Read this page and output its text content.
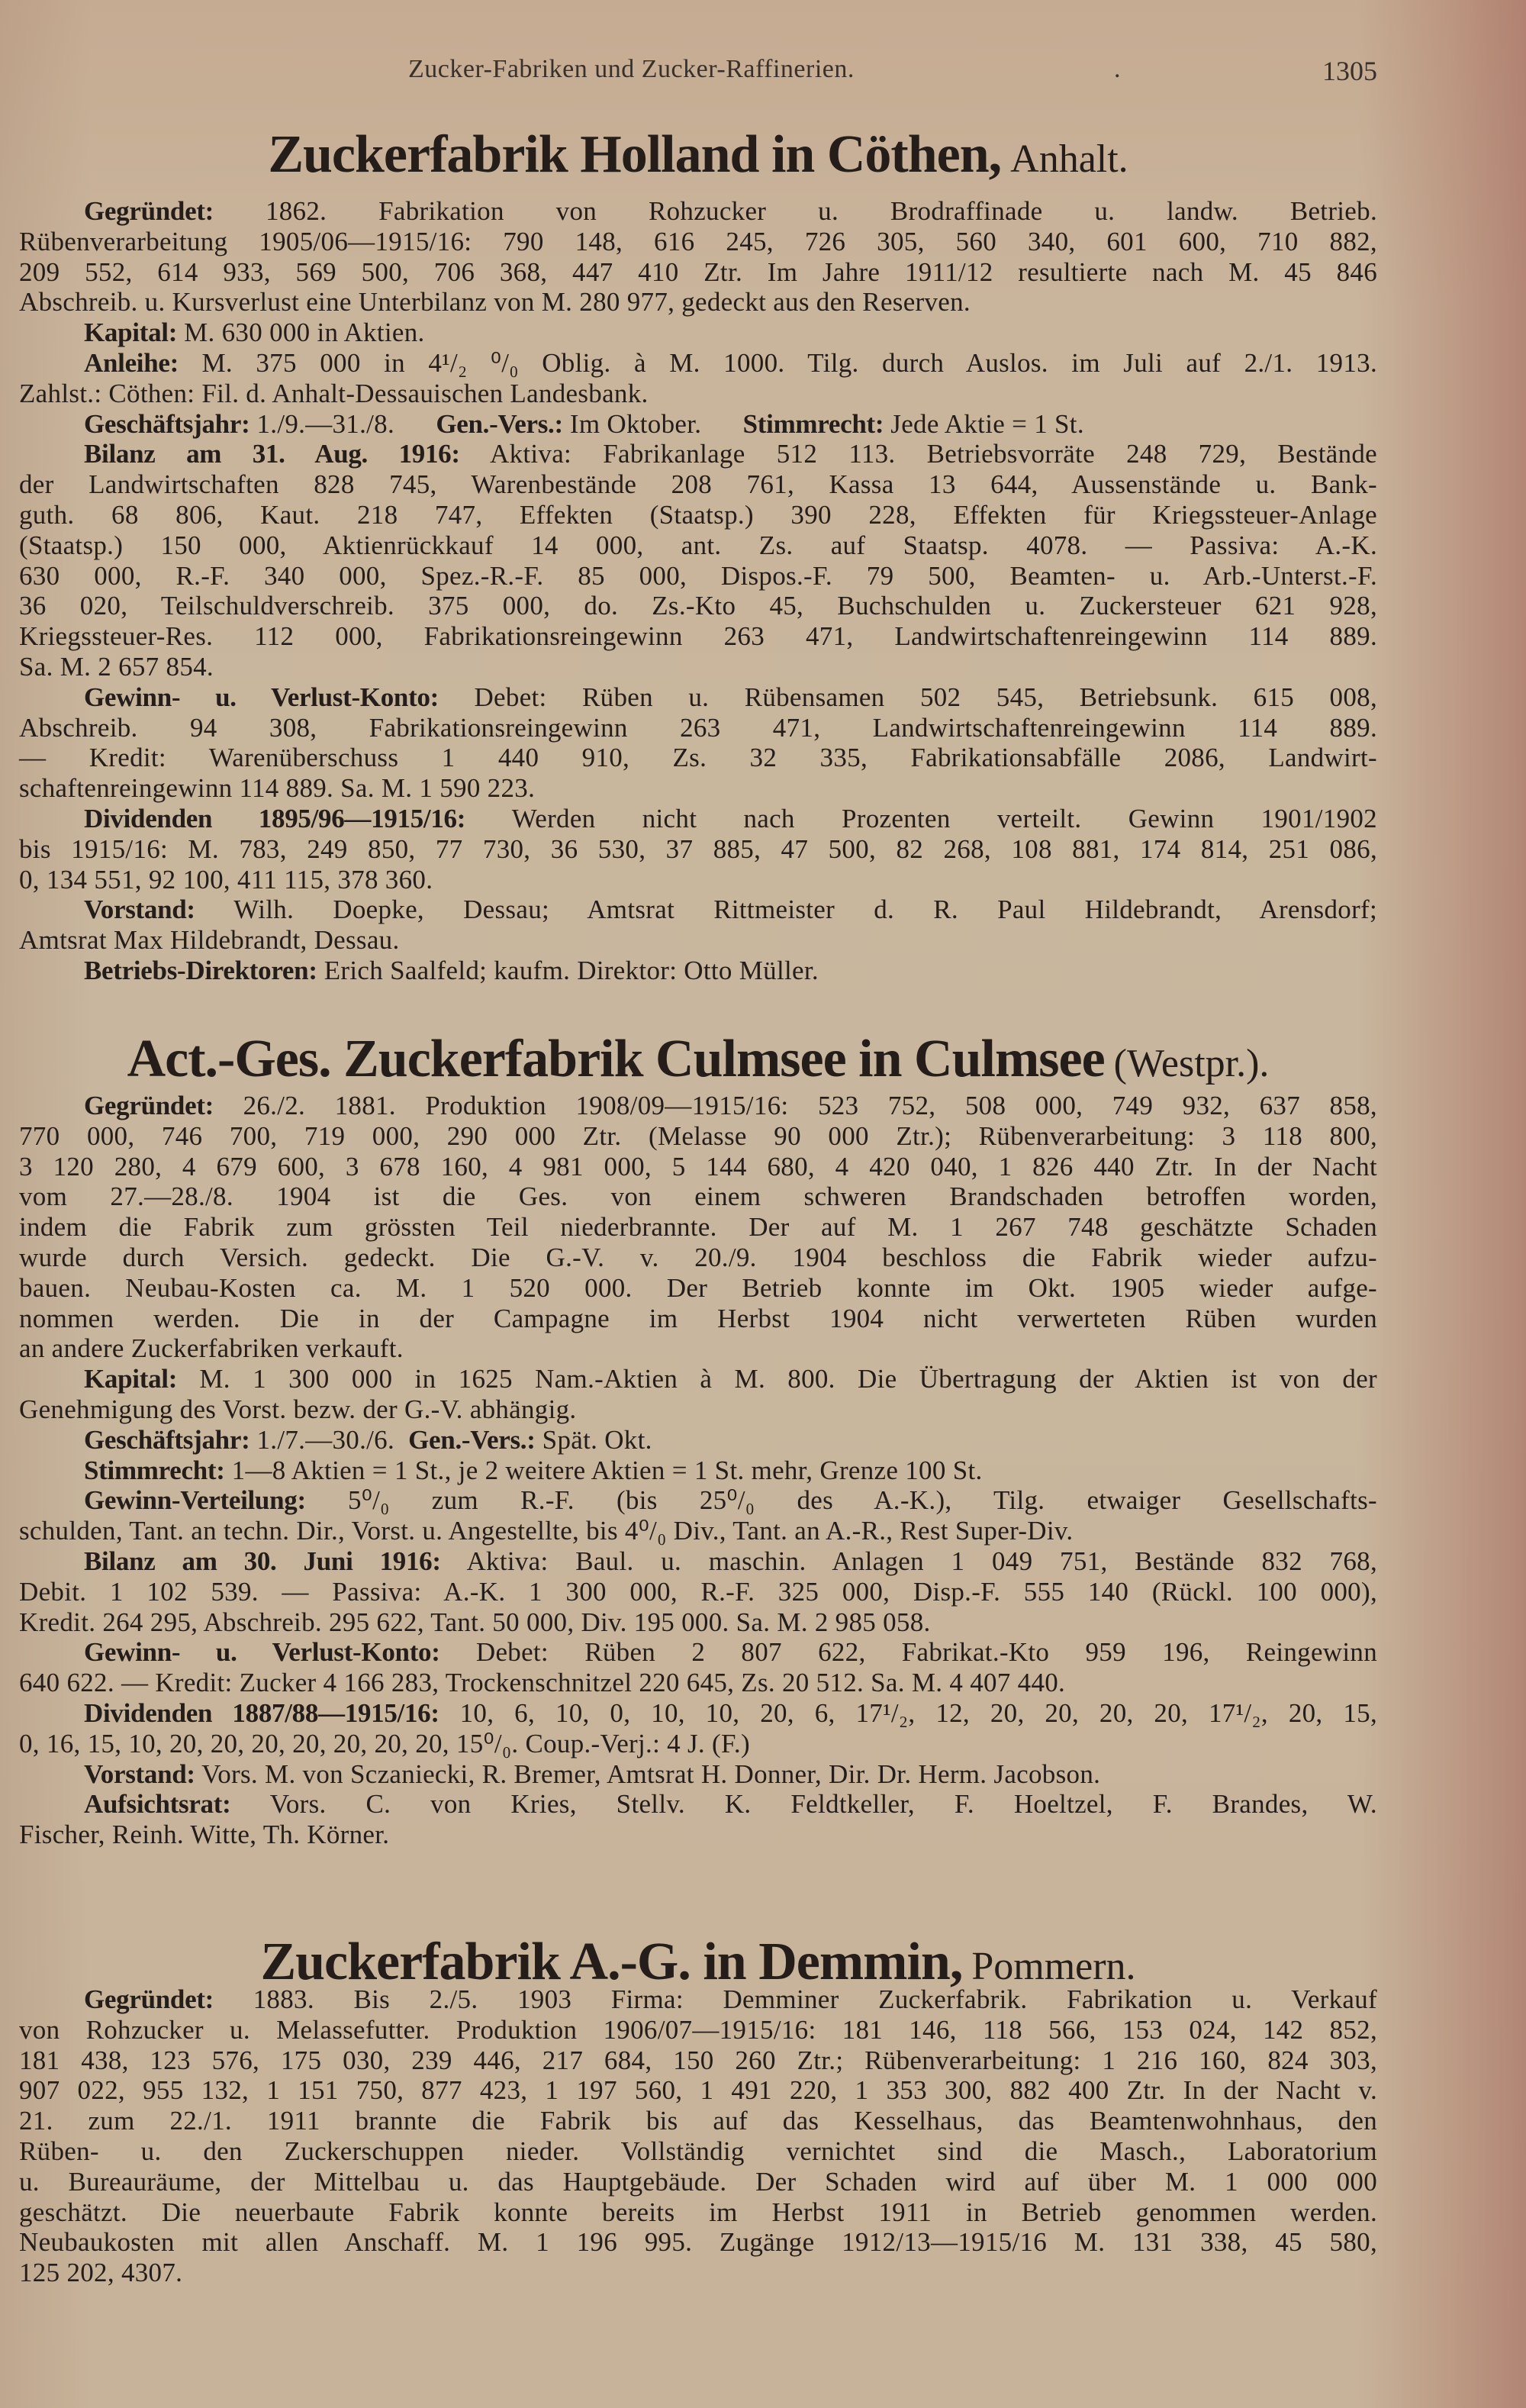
Zucker-Fabriken und Zucker-Raffinerien.	.	1305
Zuckerfabrik Holland in Cöthen, Anhalt.
Gegründet: 1862. Fabrikation von Rohzucker u. Brodraffinade u. landw. Betrieb.
Rübenverarbeitung 1905/06—1915/16: 790 148, 616 245, 726 305, 560 340, 601 600, 710 882,
209 552, 614 933, 569 500, 706 368, 447 410 Ztr. Im Jahre 1911/12 resultierte nach M. 45 846
Abschreib. u. Kursverlust eine Unterbilanz von M. 280 977, gedeckt aus den Reserven.
Kapital: M. 630 000 in Aktien.
Anleihe: M. 375 000 in 4¹/₂ ⁰/₀ Oblig. à M. 1000. Tilg. durch Auslos. im Juli auf 2./1. 1913.
Zahlst.: Cöthen: Fil. d. Anhalt-Dessauischen Landesbank.
Geschäftsjahr: 1./9.—31./8.      Gen.-Vers.: Im Oktober.      Stimmrecht: Jede Aktie = 1 St.
Bilanz am 31. Aug. 1916: Aktiva: Fabrikanlage 512 113. Betriebsvorräte 248 729, Bestände
der Landwirtschaften 828 745, Warenbestände 208 761, Kassa 13 644, Aussenstände u. Bank-
guth. 68 806, Kaut. 218 747, Effekten (Staatsp.) 390 228, Effekten für Kriegssteuer-Anlage
(Staatsp.) 150 000, Aktienrückkauf 14 000, ant. Zs. auf Staatsp. 4078. — Passiva: A.-K.
630 000, R.-F. 340 000, Spez.-R.-F. 85 000, Dispos.-F. 79 500, Beamten- u. Arb.-Unterst.-F.
36 020, Teilschuldverschreib. 375 000, do. Zs.-Kto 45, Buchschulden u. Zuckersteuer 621 928,
Kriegssteuer-Res. 112 000, Fabrikationsreingewinn 263 471, Landwirtschaftenreingewinn 114 889.
Sa. M. 2 657 854.
Gewinn- u. Verlust-Konto: Debet: Rüben u. Rübensamen 502 545, Betriebsunk. 615 008,
Abschreib. 94 308, Fabrikationsreingewinn 263 471, Landwirtschaftenreingewinn 114 889.
— Kredit: Warenüberschuss 1 440 910, Zs. 32 335, Fabrikationsabfälle 2086, Landwirt-
schaftenreingewinn 114 889. Sa. M. 1 590 223.
Dividenden 1895/96—1915/16: Werden nicht nach Prozenten verteilt. Gewinn 1901/1902
bis 1915/16: M. 783, 249 850, 77 730, 36 530, 37 885, 47 500, 82 268, 108 881, 174 814, 251 086,
0, 134 551, 92 100, 411 115, 378 360.
Vorstand: Wilh. Doepke, Dessau; Amtsrat Rittmeister d. R. Paul Hildebrandt, Arensdorf;
Amtsrat Max Hildebrandt, Dessau.
Betriebs-Direktoren: Erich Saalfeld; kaufm. Direktor: Otto Müller.
Act.-Ges. Zuckerfabrik Culmsee in Culmsee (Westpr.).
Gegründet: 26./2. 1881. Produktion 1908/09—1915/16: 523 752, 508 000, 749 932, 637 858,
770 000, 746 700, 719 000, 290 000 Ztr. (Melasse 90 000 Ztr.); Rübenverarbeitung: 3 118 800,
3 120 280, 4 679 600, 3 678 160, 4 981 000, 5 144 680, 4 420 040, 1 826 440 Ztr. In der Nacht
vom 27.—28./8. 1904 ist die Ges. von einem schweren Brandschaden betroffen worden,
indem die Fabrik zum grössten Teil niederbrannte. Der auf M. 1 267 748 geschätzte Schaden
wurde durch Versich. gedeckt. Die G.-V. v. 20./9. 1904 beschloss die Fabrik wieder aufzu-
bauen. Neubau-Kosten ca. M. 1 520 000. Der Betrieb konnte im Okt. 1905 wieder aufge-
nommen werden. Die in der Campagne im Herbst 1904 nicht verwerteten Rüben wurden
an andere Zuckerfabriken verkauft.
Kapital: M. 1 300 000 in 1625 Nam.-Aktien à M. 800. Die Übertragung der Aktien ist von der
Genehmigung des Vorst. bezw. der G.-V. abhängig.
Geschäftsjahr: 1./7.—30./6.  Gen.-Vers.: Spät. Okt.
Stimmrecht: 1—8 Aktien = 1 St., je 2 weitere Aktien = 1 St. mehr, Grenze 100 St.
Gewinn-Verteilung: 5⁰/₀ zum R.-F. (bis 25⁰/₀ des A.-K.), Tilg. etwaiger Gesellschafts-
schulden, Tant. an techn. Dir., Vorst. u. Angestellte, bis 4⁰/₀ Div., Tant. an A.-R., Rest Super-Div.
Bilanz am 30. Juni 1916: Aktiva: Baul. u. maschin. Anlagen 1 049 751, Bestände 832 768,
Debit. 1 102 539. — Passiva: A.-K. 1 300 000, R.-F. 325 000, Disp.-F. 555 140 (Rückl. 100 000),
Kredit. 264 295, Abschreib. 295 622, Tant. 50 000, Div. 195 000. Sa. M. 2 985 058.
Gewinn- u. Verlust-Konto: Debet: Rüben 2 807 622, Fabrikat.-Kto 959 196, Reingewinn
640 622. — Kredit: Zucker 4 166 283, Trockenschnitzel 220 645, Zs. 20 512. Sa. M. 4 407 440.
Dividenden 1887/88—1915/16: 10, 6, 10, 0, 10, 10, 20, 6, 17¹/₂, 12, 20, 20, 20, 20, 17¹/₂, 20, 15,
0, 16, 15, 10, 20, 20, 20, 20, 20, 20, 20, 15⁰/₀. Coup.-Verj.: 4 J. (F.)
Vorstand: Vors. M. von Sczaniecki, R. Bremer, Amtsrat H. Donner, Dir. Dr. Herm. Jacobson.
Aufsichtsrat: Vors. C. von Kries, Stellv. K. Feldtkeller, F. Hoeltzel, F. Brandes, W.
Fischer, Reinh. Witte, Th. Körner.
Zuckerfabrik A.-G. in Demmin, Pommern.
Gegründet: 1883. Bis 2./5. 1903 Firma: Demminer Zuckerfabrik. Fabrikation u. Verkauf
von Rohzucker u. Melassefutter. Produktion 1906/07—1915/16: 181 146, 118 566, 153 024, 142 852,
181 438, 123 576, 175 030, 239 446, 217 684, 150 260 Ztr.; Rübenverarbeitung: 1 216 160, 824 303,
907 022, 955 132, 1 151 750, 877 423, 1 197 560, 1 491 220, 1 353 300, 882 400 Ztr. In der Nacht v.
21. zum 22./1. 1911 brannte die Fabrik bis auf das Kesselhaus, das Beamtenwohnhaus, den
Rüben- u. den Zuckerschuppen nieder. Vollständig vernichtet sind die Masch., Laboratorium
u. Bureauräume, der Mittelbau u. das Hauptgebäude. Der Schaden wird auf über M. 1 000 000
geschätzt. Die neuerbaute Fabrik konnte bereits im Herbst 1911 in Betrieb genommen werden.
Neubaukosten mit allen Anschaff. M. 1 196 995. Zugänge 1912/13—1915/16 M. 131 338, 45 580,
125 202, 4307.
